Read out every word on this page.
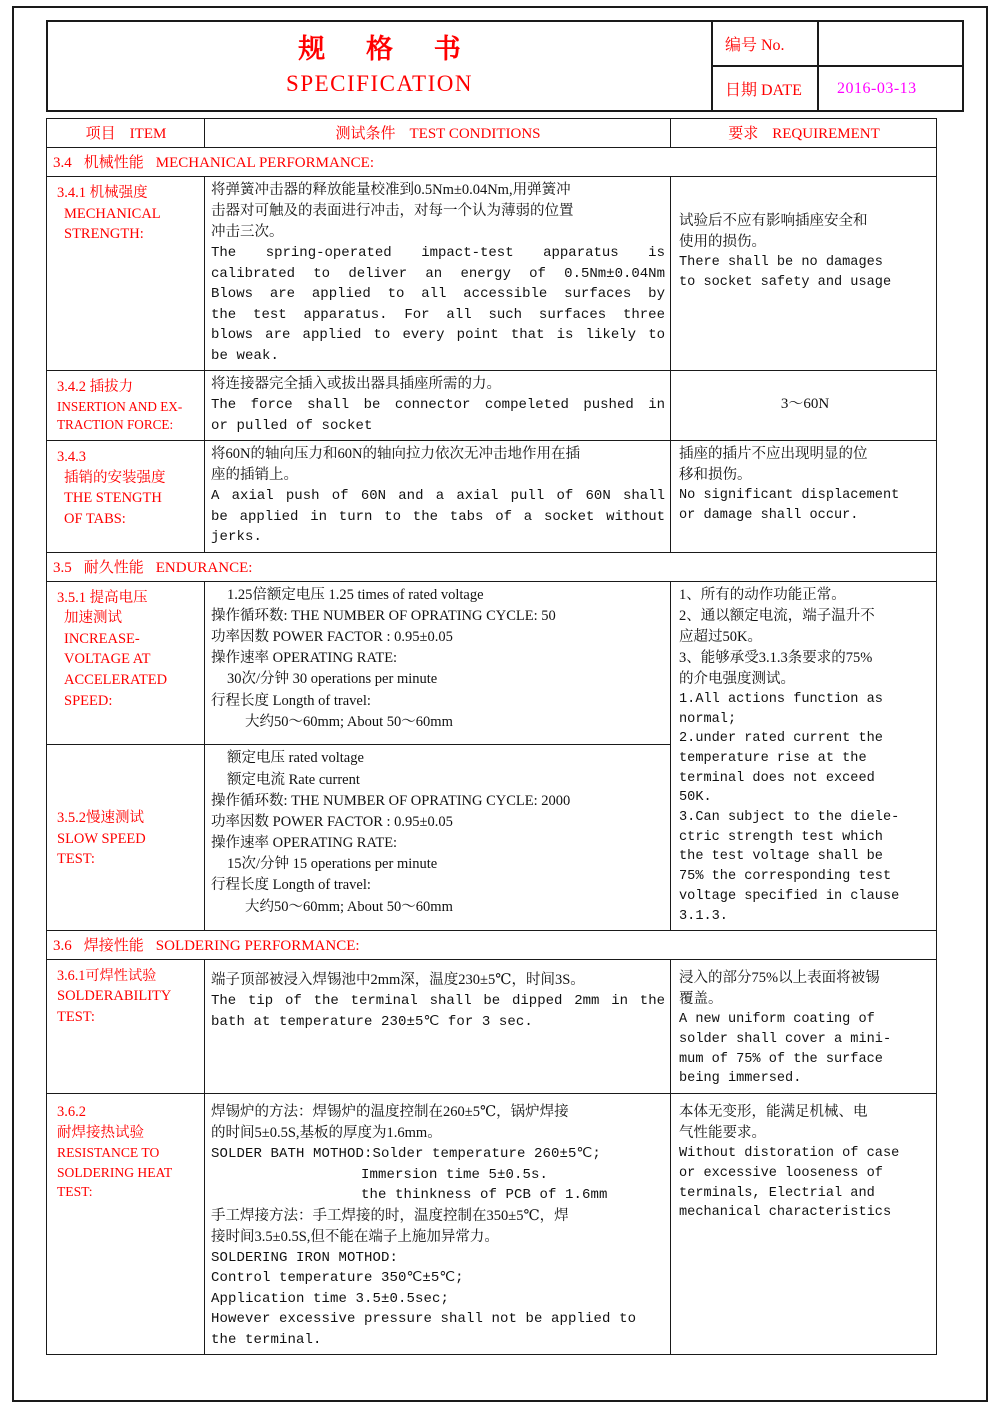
规 格 书
SPECIFICATION
编号 No.
日期 DATE	2016-03-13
项目 ITEM	测试条件 TEST CONDITIONS	要求 REQUIREMENT
3.4 机械性能 MECHANICAL PERFORMANCE:		

3.4.1 机械强度
MECHANICAL
STRENGTH:

将弹簧冲击器的释放能量校准到0.5Nm±0.04Nm,用弹簧冲
击器对可触及的表面进行冲击，对每一个认为薄弱的位置
冲击三次。
The spring-operated impact-test apparatus is
calibrated to deliver an energy of 0.5Nm±0.04Nm
Blows are applied to all accessible surfaces by
the test apparatus. For all such surfaces three
blows are applied to every point that is likely to
be weak.

试验后不应有影响插座安全和
使用的损伤。
There shall be no damages
to socket safety and usage

3.4.2 插拔力
INSERTION AND EX-
TRACTION FORCE:	将连接器完全插入或拔出器具插座所需的力。
The force shall be connector compeleted pushed in
or pulled of socket	3～60N

3.4.3
插销的安装强度
THE STENGTH
OF TABS:	将60N的轴向压力和60N的轴向拉力依次无冲击地作用在插
座的插销上。
A axial push of 60N and a axial pull of 60N shall
be applied in turn to the tabs of a socket without
jerks.	插座的插片不应出现明显的位
移和损伤。
No significant displacement
or damage shall occur.

3.5 耐久性能 ENDURANCE:		

3.5.1 提高电压
加速测试
INCREASE-
VOLTAGE AT
ACCELERATED
SPEED:

1.25倍额定电压 1.25 times of rated voltage
操作循环数: THE NUMBER OF OPRATING CYCLE: 50
功率因数 POWER FACTOR : 0.95±0.05
操作速率 OPERATING RATE:
30次/分钟 30 operations per minute
行程长度 Longth of travel:
大约50～60mm; About 50～60mm

1、所有的动作功能正常。
2、通以额定电流，端子温升不
应超过50K。
3、能够承受3.1.3条要求的75%
的介电强度测试。
1.All actions function as
normal;
2.under rated current the
temperature rise at the
terminal does not exceed
50K.
3.Can subject to the diele-
ctric strength test which
the test voltage shall be
75% the corresponding test
voltage specified in clause
3.1.3.

3.5.2慢速测试
SLOW SPEED
TEST:

额定电压 rated voltage
额定电流 Rate current
操作循环数: THE NUMBER OF OPRATING CYCLE: 2000
功率因数 POWER FACTOR : 0.95±0.05
操作速率 OPERATING RATE:
15次/分钟 15 operations per minute
行程长度 Longth of travel:
大约50～60mm; About 50～60mm

3.6 焊接性能 SOLDERING PERFORMANCE:		

3.6.1可焊性试验
SOLDERABILITY
TEST:

端子顶部被浸入焊锡池中2mm深，温度230±5℃，时间3S。
The tip of the terminal shall be dipped 2mm in the
bath at temperature 230±5℃ for 3 sec.

浸入的部分75%以上表面将被锡
覆盖。
A new uniform coating of
solder shall cover a mini-
mum of 75% of the surface
being immersed.

3.6.2
耐焊接热试验
RESISTANCE TO
SOLDERING HEAT
TEST:

焊锡炉的方法：焊锡炉的温度控制在260±5℃，锅炉焊接
的时间5±0.5S,基板的厚度为1.6mm。
SOLDER BATH MOTHOD:Solder temperature 260±5℃;
Immersion time 5±0.5s.
the thinkness of PCB of 1.6mm
手工焊接方法：手工焊接的时，温度控制在350±5℃，焊
接时间3.5±0.5S,但不能在端子上施加异常力。
SOLDERING IRON MOTHOD:
Control temperature 350℃±5℃;
Application time 3.5±0.5sec;
However excessive pressure shall not be applied to
the terminal.

本体无变形，能满足机械、电
气性能要求。
Without distoration of case
or excessive looseness of
terminals, Electrial and
mechanical characteristics
